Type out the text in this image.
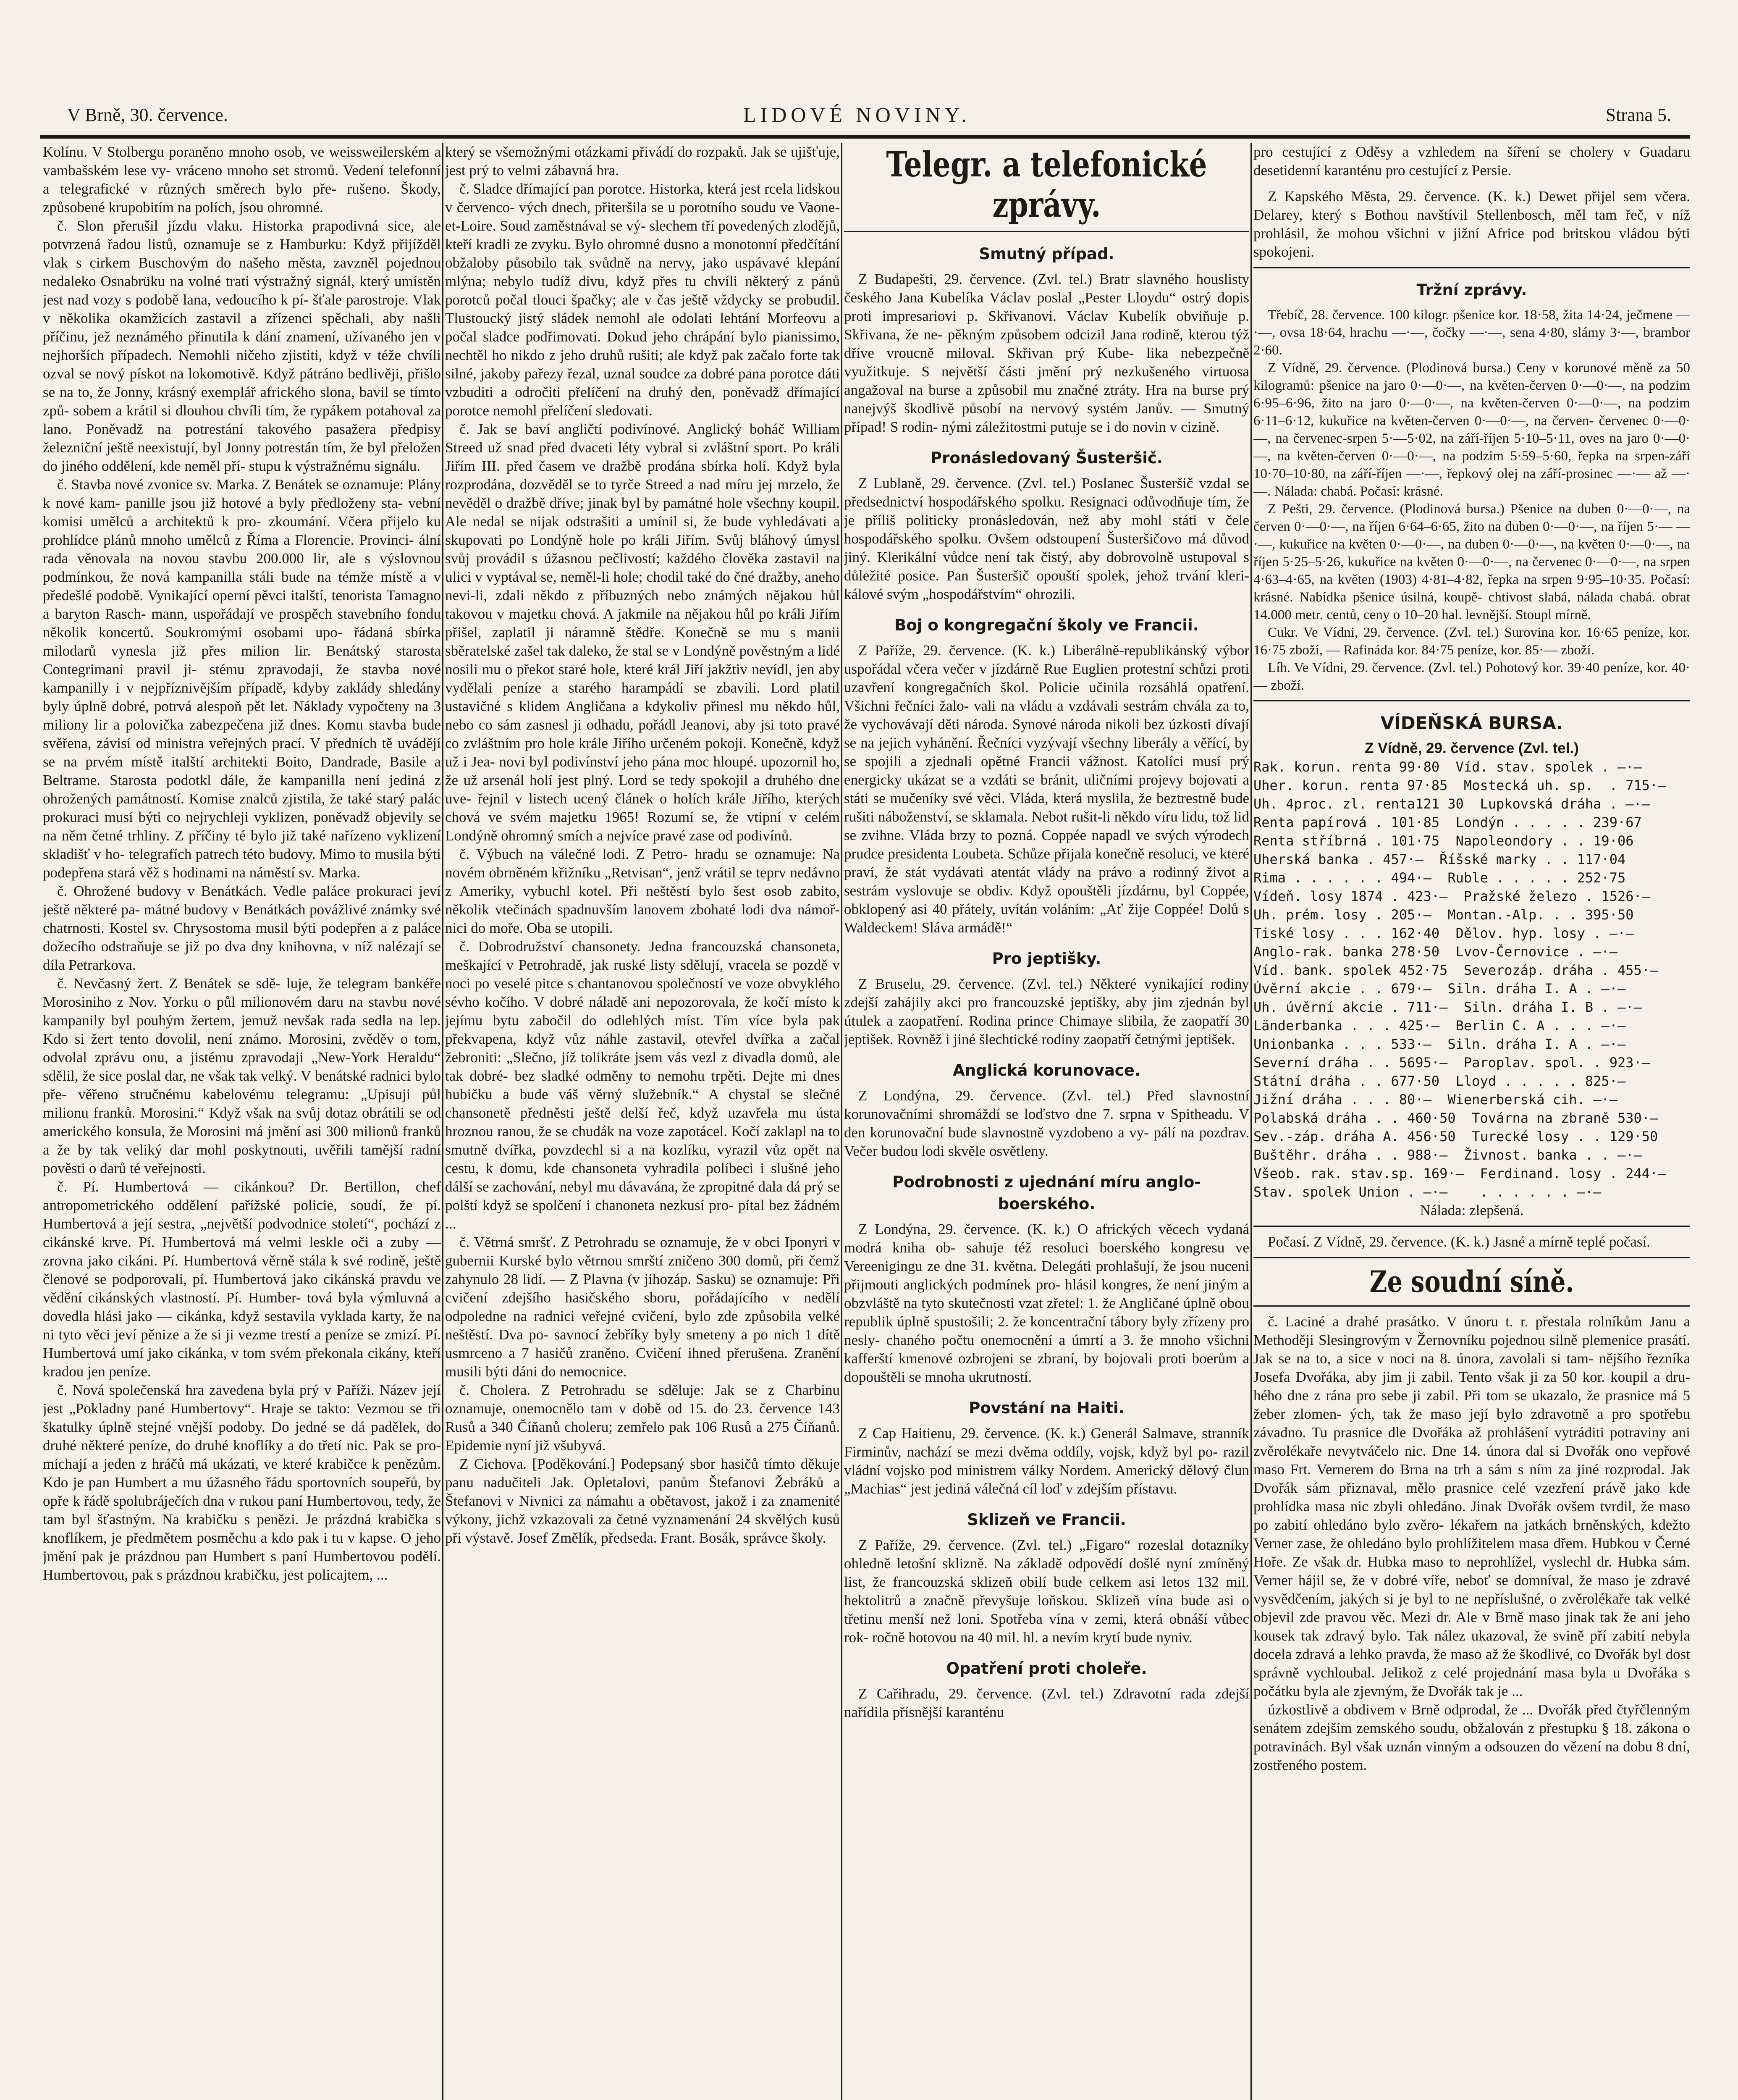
V Brně, 30. července.	LIDOVÉ NOVINY.	Strana 5.

Kolínu. V Stolbergu poraněno mnoho osob, ve weissweilerském a vambašském lese vy- vráceno mnoho set stromů. Vedení telefonní a telegrafické v různých směrech bylo pře- rušeno. Škody, způsobené krupobitím na polích, jsou ohromné.

č. Slon přerušil jízdu vlaku. Historka prapodivná sice, ale potvrzená řadou listů, oznamuje se z Hamburku: Když přijížděl vlak s cirkem Buschovým do našeho města, zavzněl pojednou nedaleko Osnabrüku na volné trati výstražný signál, který umístěn jest nad vozy s podobě lana, vedoucího k pí- šťale parostroje. Vlak v několika okamžicích zastavil a zřízenci spěchali, aby našli příčinu, jež neznámého přinutila k dání znamení, užívaného jen v nejhorších případech. Nemohli ničeho zjistiti, když v téže chvíli ozval se nový pískot na lokomotivě. Když pátráno bedlivěji, přišlo se na to, že Jonny, krásný exemplář afrického slona, bavil se tímto způ- sobem a krátil si dlouhou chvíli tím, že rypákem potahoval za lano. Poněvadž na potrestání takového pasažera předpisy železniční ještě neexistují, byl Jonny potrestán tím, že byl přeložen do jiného oddělení, kde neměl pří- stupu k výstražnému signálu.

č. Stavba nové zvonice sv. Marka. Z Benátek se oznamuje: Plány k nové kam- panille jsou již hotové a byly předloženy sta- vební komisi umělců a architektů k pro- zkoumání. Včera přijelo ku prohlídce plánů mnoho umělců z Říma a Florencie. Provinci- ální rada věnovala na novou stavbu 200.000 lir, ale s výslovnou podmínkou, že nová kampanilla stáli bude na témže místě a v předešlé podobě. Vynikající operní pěvci italští, tenorista Tamagno a baryton Rasch- mann, uspořádají ve prospěch stavebního fondu několik koncertů. Soukromými osobami upo- řádaná sbírka milodarů vynesla již přes milion lir. Benátský starosta Contegrimani pravil ji- stému zpravodaji, že stavba nové kampanilly i v nejpříznivějším případě, kdyby zaklády shledány byly úplně dobré, potrvá alespoň pět let. Náklady vypočteny na 3 miliony lir a polovička zabezpečena již dnes. Komu stavba bude svěřena, závisí od ministra veřejných prací. V předních tě uvádějí se na prvém místě italští architekti Boito, Dandrade, Basile a Beltrame. Starosta podotkl dále, že kampanilla není jediná z ohrožených památností. Komise znalců zjistila, že také starý palác prokuraci musí býti co nejrychleji vyklizen, poněvadž objevily se na něm četné trhliny. Z příčiny té bylo již také nařízeno vyklizení skladišť v ho- telegrafích patrech této budovy. Mimo to musila býti podepřena stará věž s hodinami na náměstí sv. Marka.

č. Ohrožené budovy v Benátkách. Vedle paláce prokuraci jeví ještě některé pa- mátné budovy v Benátkách povážlivé známky své chatrnosti. Kostel sv. Chrysostoma musil býti podepřen a z paláce dožecího odstraňuje se již po dva dny knihovna, v níž nalézají se díla Petrarkova.

č. Nevčasný žert. Z Benátek se sdě- luje, že telegram bankéře Morosiniho z Nov. Yorku o půl milionovém daru na stavbu nové kampanily byl pouhým žertem, jemuž nevšak rada sedla na lep. Kdo si žert tento dovolil, není známo. Morosini, zvěděv o tom, odvolal zprávu onu, a jistému zpravodaji „New-York Heraldu“ sdělil, že sice poslal dar, ne však tak velký. V benátské radnici bylo pře- věřeno stručnému kabelovému telegramu: „Upisuji půl milionu franků. Morosini.“ Když však na svůj dotaz obrátili se od amerického konsula, že Morosini má jmění asi 300 milionů franků a že by tak veliký dar mohl poskytnouti, uvěřili tamější radní pověsti o darů té veřejnosti.

č. Pí. Humbertová — cikánkou? Dr. Bertillon, chef antropometrického oddělení pařížské policie, soudí, že pí. Humbertová a její sestra, „největší podvodnice století“, pochází z cikánské krve. Pí. Humbertová má velmi leskle oči a zuby — zrovna jako cikáni. Pí. Humbertová věrně stála k své rodině, ještě členové se podporovali, pí. Humbertová jako cikánská pravdu ve vědění cikánských vlastností. Pí. Humber- tová byla výmluvná a dovedla hlási jako — cikánka, když sestavila vyklada karty, že na ni tyto věci jeví pěnize a že si ji vezme trestí a peníze se zmizí. Pí. Humbertová umí jako cikánka, v tom svém překonala cikány, kteří kradou jen peníze.

č. Nová společenská hra zavedena byla prý v Paříži. Název její jest „Pokladny pané Humbertovy“. Hraje se takto: Vezmou se tři škatulky úplně stejné vnější podoby. Do jedné se dá padělek, do druhé některé peníze, do druhé knoflíky a do třetí nic. Pak se pro- míchají a jeden z hráčů má ukázati, ve které krabičce k penězům. Kdo je pan Humbert a mu úžasného řádu sportovních soupeřů, by opře k řádě spolubráječích dna v rukou paní Humbertovou, tedy, že tam byl šťastným. Na krabičku s penězi. Je prázdná krabička s knoflíkem, je předmětem posměchu a kdo pak i tu v kapse. O jeho jmění pak je prázdnou pan Humbert s paní Humbertovou podělí. Humbertovou, pak s prázdnou krabičku, jest policajtem, ...

který se všemožnými otázkami přivádí do rozpaků. Jak se ujišťuje, jest prý to velmi zábavná hra.

č. Sladce dřímající pan porotce. Historka, která jest rcela lidskou v červenco- vých dnech, přiteršila se u porotního soudu ve Vaone-et-Loire. Soud zaměstnával se vý- slechem tří povedených zlodějů, kteří kradli ze zvyku. Bylo ohromné dusno a monotonní předčítání obžaloby působilo tak svůdně na nervy, jako uspávavé klepání mlýna; nebylo tudíž divu, když přes tu chvíli některý z pánů porotců počal tlouci špačky; ale v čas ještě vždycky se probudil. Tlustoucký jistý sládek nemohl ale odolati lehtání Morfeovu a počal sladce podřimovati. Dokud jeho chrápání bylo pianissimo, nechtěl ho nikdo z jeho druhů rušiti; ale když pak začalo forte tak silné, jakoby pařezy řezal, uznal soudce za dobré pana porotce dáti vzbuditi a odročiti přelíčení na druhý den, poněvadž dřímající porotce nemohl přelíčení sledovati.

č. Jak se baví angličtí podivínové. Anglický boháč William Streed už snad před dvaceti léty vybral si zvláštní sport. Po králi Jiřím III. před časem ve dražbě prodána sbírka holí. Když byla rozprodána, dozvěděl se to tyrče Streed a nad míru jej mrzelo, že nevěděl o dražbě dříve; jinak byl by památné hole všechny koupil. Ale nedal se nijak odstrašiti a umínil si, že bude vyhledávati a skupovati po Londýně hole po králi Jiřím. Svůj bláhový úmysl svůj provádil s úžasnou pečlivostí; každého člověka zastavil na ulici v vyptával se, neměl-li hole; chodil také do čné dražby, aneho nevi-li, zdali někdo z příbuzných nebo známých nějakou hůl takovou v majetku chová. A jakmile na nějakou hůl po králi Jiřím přišel, zaplatil ji náramně štědře. Konečně se mu s manii sběratelské zašel tak daleko, že stal se v Londýně pověstným a lidé nosili mu o překot staré hole, které král Jiří jakžtiv nevídl, jen aby vydělali peníze a starého harampádí se zbavili. Lord platil ustavičné s klidem Angličana a kdykoliv přinesl mu někdo hůl, nebo co sám zasnesl ji odhadu, pořádl Jeanovi, aby jsi toto pravé co zvláštním pro hole krále Jiřího určeném pokoji. Konečně, když už i Jea- novi byl podivínství jeho pána moc hloupé. upozornil ho, že už arsenál holí jest plný. Lord se tedy spokojil a druhého dne uve- řejnil v listech ucený článek o holích krále Jiřího, kterých chová ve svém majetku 1965! Rozumí se, že vtipní v celém Londýně ohromný smích a nejvíce pravé zase od podivínů.

č. Výbuch na válečné lodi. Z Petro- hradu se oznamuje: Na novém obrněném křižníku „Retvisan“, jenž vrátil se teprv nedávno z Ameriky, vybuchl kotel. Při neštěstí bylo šest osob zabito, několik vtečinách spadnuvším lanovem zbohaté lodi dva námoř- nici do moře. Oba se utopili.

č. Dobrodružství chansonety. Jedna francouzská chansoneta, meškající v Petrohradě, jak ruské listy sdělují, vracela se pozdě v noci po veselé pitce s chantanovou společností ve voze obvyklého sévho kočího. V dobré náladě ani nepozorovala, že kočí místo k jejímu bytu zabočil do odlehlých míst. Tím více byla pak překvapena, když vůz náhle zastavil, otevřel dvířka a začal žebroniti: „Slečno, jíž tolikráte jsem vás vezl z divadla domů, ale tak dobré- bez sladké odměny to nemohu trpěti. Dejte mi dnes hubičku a bude váš věrný služebník.“ A chystal se slečné chansonetě předněsti ještě delší řeč, když uzavřela mu ústa hroznou ranou, že se chudák na voze zapotácel. Kočí zaklapl na to smutně dvířka, povzdechl si a na kozlíku, vyrazil vůz opět na cestu, k domu, kde chansoneta vyhradila políbeci i slušné jeho dálší se zachování, nebyl mu dávavána, že zpropitné dala dá prý se polští když se spolčení i chanoneta nezkusí pro- pítal bez žádném ...

č. Větrná smršť. Z Petrohradu se oznamuje, že v obci Iponyri v gubernii Kurské bylo větrnou smrští zničeno 300 domů, při čemž zahynulo 28 lidí. — Z Plavna (v jihozáp. Sasku) se oznamuje: Při cvičení zdejšího hasičského sboru, pořádajícího v nedělí odpoledne na radnici veřejné cvičení, bylo zde způsobila velké neštěstí. Dva po- savnocí žebříky byly smeteny a po nich 1 dítě usmrceno a 7 hasičů zraněno. Cvičení ihned přerušena. Zranění musili býti dáni do nemocnice.

č. Cholera. Z Petrohradu se sděluje: Jak se z Charbinu oznamuje, onemocnělo tam v době od 15. do 23. července 143 Rusů a 340 Číňanů choleru; zemřelo pak 106 Rusů a 275 Číňanů. Epidemie nyní již všubyvá.

Z Cichova. [Poděkování.] Podepsaný sbor hasičů tímto děkuje panu nadučiteli Jak. Opletalovi, panům Štefanovi Žebráků a Štefanovi v Nivnici za námahu a obětavost, jakož i za znamenité výkony, jichž vzkazovali za četné vyznamenání 24 skvělých kusů při výstavě. Josef Změlík, předseda. Frant. Bosák, správce školy.

Telegr. a telefonické zprávy.
Smutný případ.

Z Budapešti, 29. července. (Zvl. tel.) Bratr slavného houslisty českého Jana Kubelíka Václav poslal „Pester Lloydu“ ostrý dopis proti impresariovi p. Skřivanovi. Václav Kubelík obviňuje p. Skřivana, že ne- pěkným způsobem odcizil Jana rodině, kterou týž dříve vroucně miloval. Skřivan prý Kube- lika nebezpečně využitkuje. S největší části jmění prý nezkušeného virtuosa angažoval na burse a způsobil mu značné ztráty. Hra na burse prý nanejvýš škodlivě působí na nervový systém Janův. — Smutný případ! S rodin- nými záležitostmi putuje se i do novin v cizině.

Pronásledovaný Šusteršič.

Z Lublaně, 29. července. (Zvl. tel.) Poslanec Šusteršič vzdal se předsednictví hospodářského spolku. Resignaci odůvodňuje tím, že je příliš politicky pronásledován, než aby mohl státi v čele hospodářského spolku. Ovšem odstoupení Šusteršičovo má důvod jiný. Klerikální vůdce není tak čistý, aby dobrovolně ustupoval s důležité posice. Pan Šusteršič opouští spolek, jehož trvání kleri- kálové svým „hospodářstvím“ ohrozili.

Boj o kongregační školy ve Francii.

Z Paříže, 29. července. (K. k.) Liberálně-republikánský výbor uspořádal včera večer v jízdárně Rue Euglien protestní schůzi proti uzavření kongregačních škol. Policie učinila rozsáhlá opatření. Všichni řečníci žalo- vali na vládu a vzdávali sestrám chvála za to, že vychovávají děti národa. Synové národa nikoli bez úzkosti dívají se na jejich vyhánění. Řečníci vyzývají všechny liberály a věřící, by se spojili a zjednali opětné Francii vážnost. Katolíci musí prý energicky ukázat se a vzdáti se bránit, uličními projevy bojovati a státi se mučeníky své věci. Vláda, která myslila, že beztrestně bude rušiti náboženství, se sklamala. Nebot rušit-li někdo víru lidu, tož lid se zvihne. Vláda brzy to pozná. Coppée napadl ve svých výrodech prudce presidenta Loubeta. Schůze přijala konečně resoluci, ve které praví, že stát vydávati atentát vlády na právo a rodinný život a sestrám vyslovuje se obdiv. Když opouštěli jízdárnu, byl Coppée, obklopený asi 40 přátely, uvítán voláním: „Ať žije Coppée! Dolů s Waldeckem! Sláva armádě!“

Pro jeptišky.

Z Bruselu, 29. července. (Zvl. tel.) Některé vynikající rodiny zdejší zahájily akci pro francouzské jeptišky, aby jim zjednán byl útulek a zaopatření. Rodina prince Chimaye slibila, že zaopatří 30 jeptišek. Rovněž i jiné šlechtické rodiny zaopatří četnými jeptišek.

Anglická korunovace.

Z Londýna, 29. července. (Zvl. tel.) Před slavnostní korunovačními shromáždí se loďstvo dne 7. srpna v Spitheadu. V den korunovační bude slavnostně vyzdobeno a vy- pálí na pozdrav. Večer budou lodi skvěle osvětleny.

Podrobnosti z ujednání míru anglo-boerského.

Z Londýna, 29. července. (K. k.) O afrických věcech vydaná modrá kniha ob- sahuje též resoluci boerského kongresu ve Vereenigingu ze dne 31. května. Delegáti prohlašují, že jsou nuceni přijmouti anglických podmínek pro- hlásil kongres, že není jiným a obzvláště na tyto skutečnosti vzat zřetel: 1. že Angličané úplně obou republik úplně spustošili; 2. že koncentrační tábory byly zřízeny pro nesly- chaného počtu onemocnění a úmrtí a 3. že mnoho všichni kafferští kmenové ozbrojeni se zbraní, by bojovali proti boerům a dopouštěli se mnoha ukrutností.

Povstání na Haiti.

Z Cap Haitienu, 29. července. (K. k.) Generál Salmave, stranník Firminův, nachází se mezi dvěma oddíly, vojsk, když byl po- razil vládní vojsko pod ministrem války Nordem. Americký dělový člun „Machias“ jest jediná válečná cíl loď v zdejším přístavu.

Sklizeň ve Francii.

Z Paříže, 29. července. (Zvl. tel.) „Figaro“ rozeslal dotazníky ohledně letošní sklizně. Na základě odpovědí došlé nyní zmíněný list, že francouzská sklizeň obilí bude celkem asi letos 132 mil. hektolitrů a značně převyšuje loňskou. Sklizeň vína bude asi o třetinu menší než loni. Spotřeba vína v zemi, která obnáší vůbec rok- ročně hotovou na 40 mil. hl. a nevím krytí bude nyniv.

Opatření proti choleře.

Z Cařihradu, 29. července. (Zvl. tel.) Zdravotní rada zdejší nařídila přísnější karanténu

pro cestující z Oděsy a vzhledem na šíření se cholery v Guadaru desetidenní karanténu pro cestující z Persie.

Z Kapského Města, 29. července. (K. k.) Dewet přijel sem včera. Delarey, který s Bothou navštívil Stellenbosch, měl tam řeč, v níž prohlásil, že mohou všichni v jižní Africe pod britskou vládou býti spokojeni.

Tržní zprávy.

Třebíč, 28. července. 100 kilogr. pšenice kor. 18·58, žita 14·24, ječmene —·—, ovsa 18·64, hrachu —·—, čočky —·—, sena 4·80, slámy 3·—, brambor 2·60.

Z Vídně, 29. července. (Plodinová bursa.) Ceny v korunové měně za 50 kilogramů: pšenice na jaro 0·—0·—, na květen-červen 0·—0·—, na podzim 6·95–6·96, žito na jaro 0·—0·—, na květen-červen 0·—0·—, na podzim 6·11–6·12, kukuřice na květen-červen 0·—0·—, na červen- červenec 0·—0·—, na červenec-srpen 5·—5·02, na září-říjen 5·10–5·11, oves na jaro 0·—0·—, na květen-červen 0·—0·—, na podzim 5·59–5·60, řepka na srpen-září 10·70–10·80, na září-říjen —·—, řepkový olej na září-prosinec —·— až —·—. Nálada: chabá. Počasí: krásné.

Z Pešti, 29. července. (Plodinová bursa.) Pšenice na duben 0·—0·—, na červen 0·—0·—, na říjen 6·64–6·65, žito na duben 0·—0·—, na říjen 5·— —·—, kukuřice na květen 0·—0·—, na duben 0·—0·—, na květen 0·—0·—, na říjen 5·25–5·26, kukuřice na květen 0·—0·—, na červenec 0·—0·—, na srpen 4·63–4·65, na květen (1903) 4·81–4·82, řepka na srpen 9·95–10·35. Počasí: krásné. Nabídka pšenice úsilná, koupě- chtivost slabá, nálada chabá. obrat 14.000 metr. centů, ceny o 10–20 hal. levnější. Stoupl mírně.

Cukr. Ve Vídni, 29. července. (Zvl. tel.) Surovina kor. 16·65 peníze, kor. 16·75 zboží, — Rafináda kor. 84·75 peníze, kor. 85·— zboží.

Líh. Ve Vídni, 29. července. (Zvl. tel.) Pohotový kor. 39·40 peníze, kor. 40·— zboží.

VÍDEŇSKÁ BURSA.
Z Vídně, 29. července (Zvl. tel.)
Rak. korun. renta 99·80  Víd. stav. spolek . —·—
Uher. korun. renta 97·85  Mostecká uh. sp.  . 715·—
Uh. 4proc. zl. renta121 30  Lupkovská dráha . —·—
Renta papírová . 101·85  Londýn . . . . . 239·67
Renta stříbrná . 101·75  Napoleondory . . 19·06
Uherská banka . 457·—  Říšské marky . . 117·04
Rima . . . . . . 494·—  Ruble . . . . . 252·75
Vídeň. losy 1874 . 423·—  Pražské železo . 1526·—
Uh. prém. losy . 205·—  Montan.-Alp. . . 395·50
Tiské losy . . . 162·40  Dělov. hyp. losy . —·—
Anglo-rak. banka 278·50  Lvov-Černovice . —·—
Víd. bank. spolek 452·75  Severozáp. dráha . 455·—
Úvěrní akcie . . 679·—  Siln. dráha I. A . —·—
Uh. úvěrní akcie . 711·—  Siln. dráha I. B . —·—
Länderbanka . . . 425·—  Berlin C. A . . . —·—
Unionbanka . . . 533·—  Siln. dráha I. A . —·—
Severní dráha . . 5695·—  Paroplav. spol. . 923·—
Státní dráha . . 677·50  Lloyd . . . . . 825·—
Jižní dráha . . . 80·—  Wienerberská cih. —·—
Polabská dráha . . 460·50  Továrna na zbraně 530·—
Sev.-záp. dráha A. 456·50  Turecké losy . . 129·50
Buštěhr. dráha . . 988·—  Živnost. banka . . —·—
Všeob. rak. stav.sp. 169·—  Ferdinand. losy . 244·—
Stav. spolek Union . —·—    . . . . . . —·—
Nálada: zlepšená.

Počasí. Z Vídně, 29. července. (K. k.) Jasné a mírně teplé počasí.

Ze soudní síně.

č. Laciné a drahé prasátko. V únoru t. r. přestala rolníkům Janu a Methoději Slesingrovým v Žernovníku pojednou silně plemenice prasátí. Jak se na to, a sice v noci na 8. února, zavolali si tam- nějšího řezníka Josefa Dvořáka, aby jim ji zabil. Tento však ji za 50 kor. koupil a dru- hého dne z rána pro sebe ji zabil. Při tom se ukazalo, že prasnice má 5 žeber zlomen- ých, tak že maso její bylo zdravotně a pro spotřebu závadno. Tu prasnice dle Dvořáka až prohlášení vytráditi potraviny ani zvěrolékaře nevytváčelo nic. Dne 14. února dal si Dvořák ono vepřové maso Frt. Vernerem do Brna na trh a sám s ním za jiné rozprodal. Jak Dvořák sám přiznaval, mělo prasnice celé vzezření právě jako kde prohlídka masa nic zbyli ohledáno. Jinak Dvořák ovšem tvrdil, že maso po zabití ohledáno bylo zvěro- lékařem na jatkách brněnských, kdežto Verner zase, že ohledáno bylo prohlížitelem masa dřem. Hubkou v Černé Hoře. Ze však dr. Hubka maso to neprohlížel, vyslechl dr. Hubka sám. Verner hájil se, že v dobré víře, neboť se domníval, že maso je zdravé vysvědčením, jakých si je byl to ne nepříslušné, o zvěrolékaře tak velké objevil zde pravou věc. Mezi dr. Ale v Brně maso jinak tak že ani jeho kousek tak zdravý bylo. Tak nález ukazoval, že svině pří zabití nebyla docela zdravá a lehko pravda, že maso až že škodlivé, co Dvořák byl dost správně vychloubal. Jelikož z celé projednání masa byla u Dvořáka s počátku byla ale zjevným, že Dvořák tak je ...

úzkostlivě a obdivem v Brně odprodal, že ... Dvořák před čtyřčlenným senátem zdejším zemského soudu, obžalován z přestupku § 18. zákona o potravinách. Byl však uznán vinným a odsouzen do vězení na dobu 8 dní, zostřeného postem.
